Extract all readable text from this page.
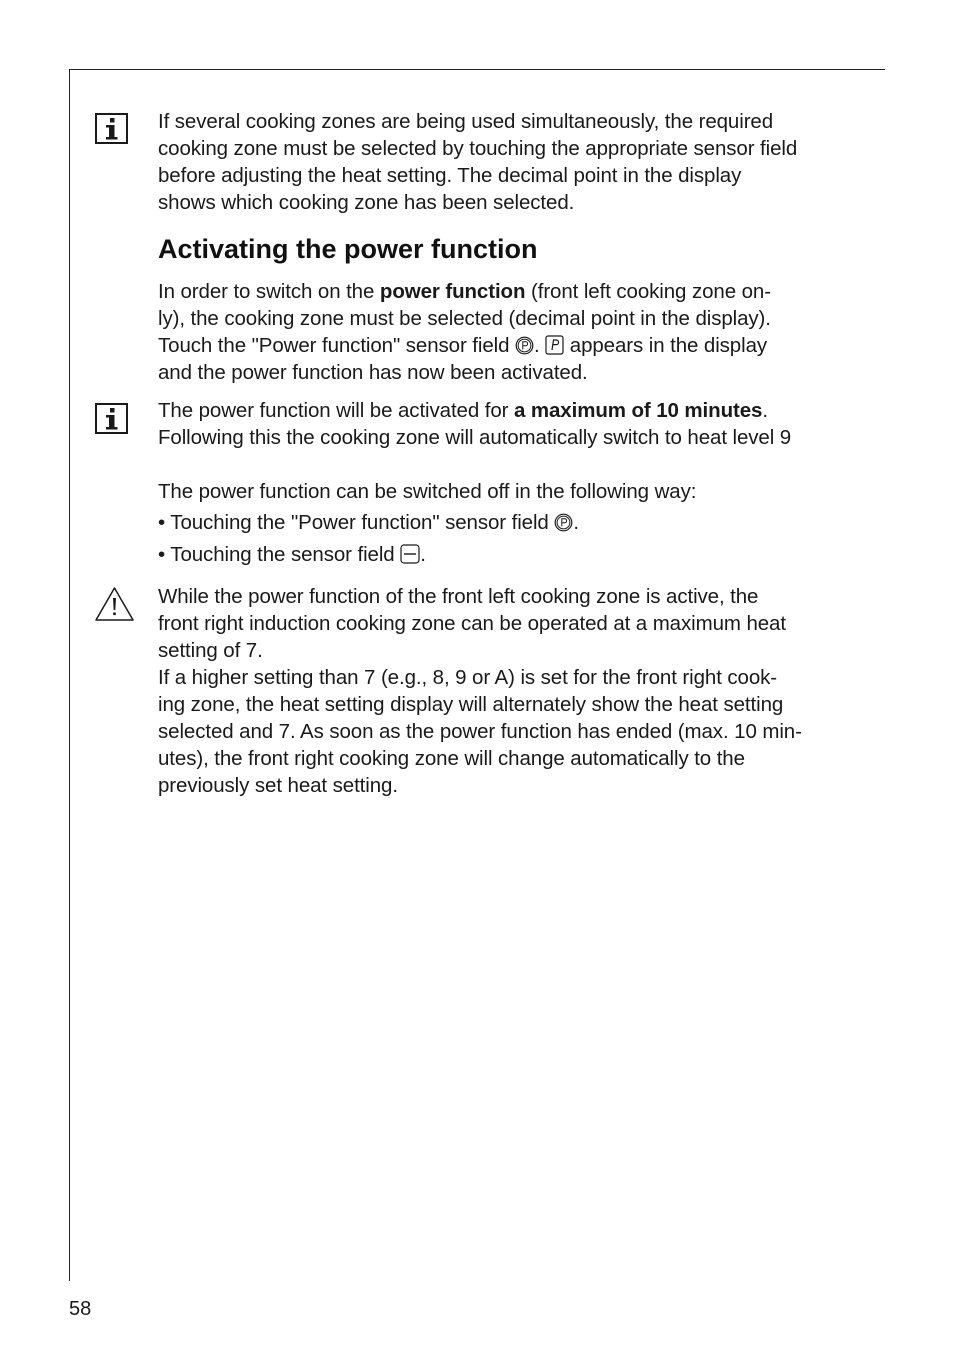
If several cooking zones are being used simultaneously, the required

cooking zone must be selected by touching the appropriate sensor field

before adjusting the heat setting. The decimal point in the display

shows which cooking zone has been selected.

Activating the power function

In order to switch on the power function (front left cooking zone on-

ly), the cooking zone must be selected (decimal point in the display).

Touch the "Power function" sensor field .  appears in the display

and the power function has now been activated.

The power function will be activated for a maximum of 10 minutes.

Following this the cooking zone will automatically switch to heat level 9

The power function can be switched off in the following way:

• Touching the "Power function" sensor field .

• Touching the sensor field .

While the power function of the front left cooking zone is active, the

front right induction cooking zone can be operated at a maximum heat

setting of 7.

If a higher setting than 7 (e.g., 8, 9 or A) is set for the front right cook-

ing zone, the heat setting display will alternately show the heat setting

selected and 7. As soon as the power function has ended (max. 10 min-

utes), the front right cooking zone will change automatically to the

previously set heat setting.

58
